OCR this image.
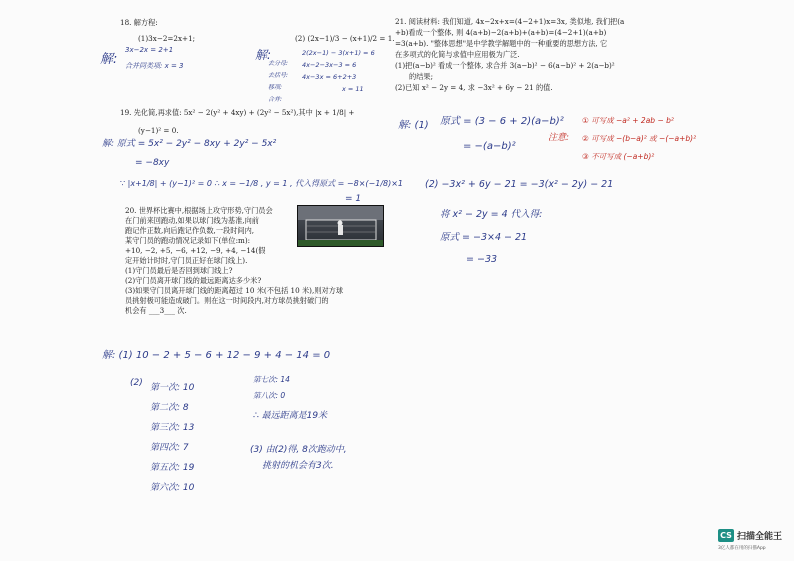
18. 解方程:
(1)3x−2=2x+1;	(2) (2x−1)/3 − (x+1)/2 = 1.
解:
3x−2x = 2+1
合并同类项: x = 3
解:
去分母:
去括号:
移项:
合并:
2(2x−1) − 3(x+1) = 6
4x−2−3x−3 = 6
4x−3x = 6+2+3
x = 11
19. 先化简,再求值: 5x² − 2(y² + 4xy) + (2y² − 5x²),其中 |x + 1/8| +
(y−1)² = 0.
解: 原式 = 5x² − 2y² − 8xy + 2y² − 5x²
= −8xy
∵ |x+1/8| + (y−1)² = 0 ∴ x = −1/8 , y = 1 , 代入得原式 = −8×(−1/8)×1
= 1
20. 世界杯比赛中,根据场上攻守形势,守门员会
在门前来回跑动,如果以球门线为基准,向前
跑记作正数,向后跑记作负数,一段时间内,
某守门员的跑动情况记录如下(单位:m):
+10, −2, +5, −6, +12, −9, +4, −14(假
定开始计时时,守门员正好在球门线上).
(1)守门员最后是否回到球门线上?
(2)守门员离开球门线的最远距离达多少米?
(3)如果守门员离开球门线的距离超过 10 米(不包括 10 米),则对方球
员挑射极可能造成破门。则在这一时间段内,对方球员挑射破门的
机会有 ___3___ 次.
解: (1) 10 − 2 + 5 − 6 + 12 − 9 + 4 − 14 = 0
(2) 第一次: 10
第二次: 8
第三次: 13
第四次: 7
第五次: 19
第六次: 10
第七次: 14
第八次: 0
∴ 最远距离是19米
(3) 由(2)得, 8次跑动中,
挑射的机会有3次.
21. 阅读材料: 我们知道, 4x−2x+x=(4−2+1)x=3x, 类似地, 我们把(a
+b)看成一个整体, 则 4(a+b)−2(a+b)+(a+b)=(4−2+1)(a+b)
=3(a+b). "整体思想"是中学教学解题中的一种重要的思想方法, 它
在多项式的化简与求值中应用极为广泛.
(1)把(a−b)² 看成一个整体, 求合并 3(a−b)² − 6(a−b)² + 2(a−b)²
的结果;
(2)已知 x² − 2y = 4, 求 −3x² + 6y − 21 的值.
解: (1) 原式 = (3 − 6 + 2)(a−b)²
= −(a−b)²
注意:
① 可写成 −a² + 2ab − b²
② 可写成 −(b−a)² 或 −(−a+b)²
③ 不可写成 (−a+b)²
(2) −3x² + 6y − 21 = −3(x² − 2y) − 21
将 x² − 2y = 4 代入得:
原式 = −3×4 − 21
= −33
CS 扫描全能王
3亿人都在用的扫描App
